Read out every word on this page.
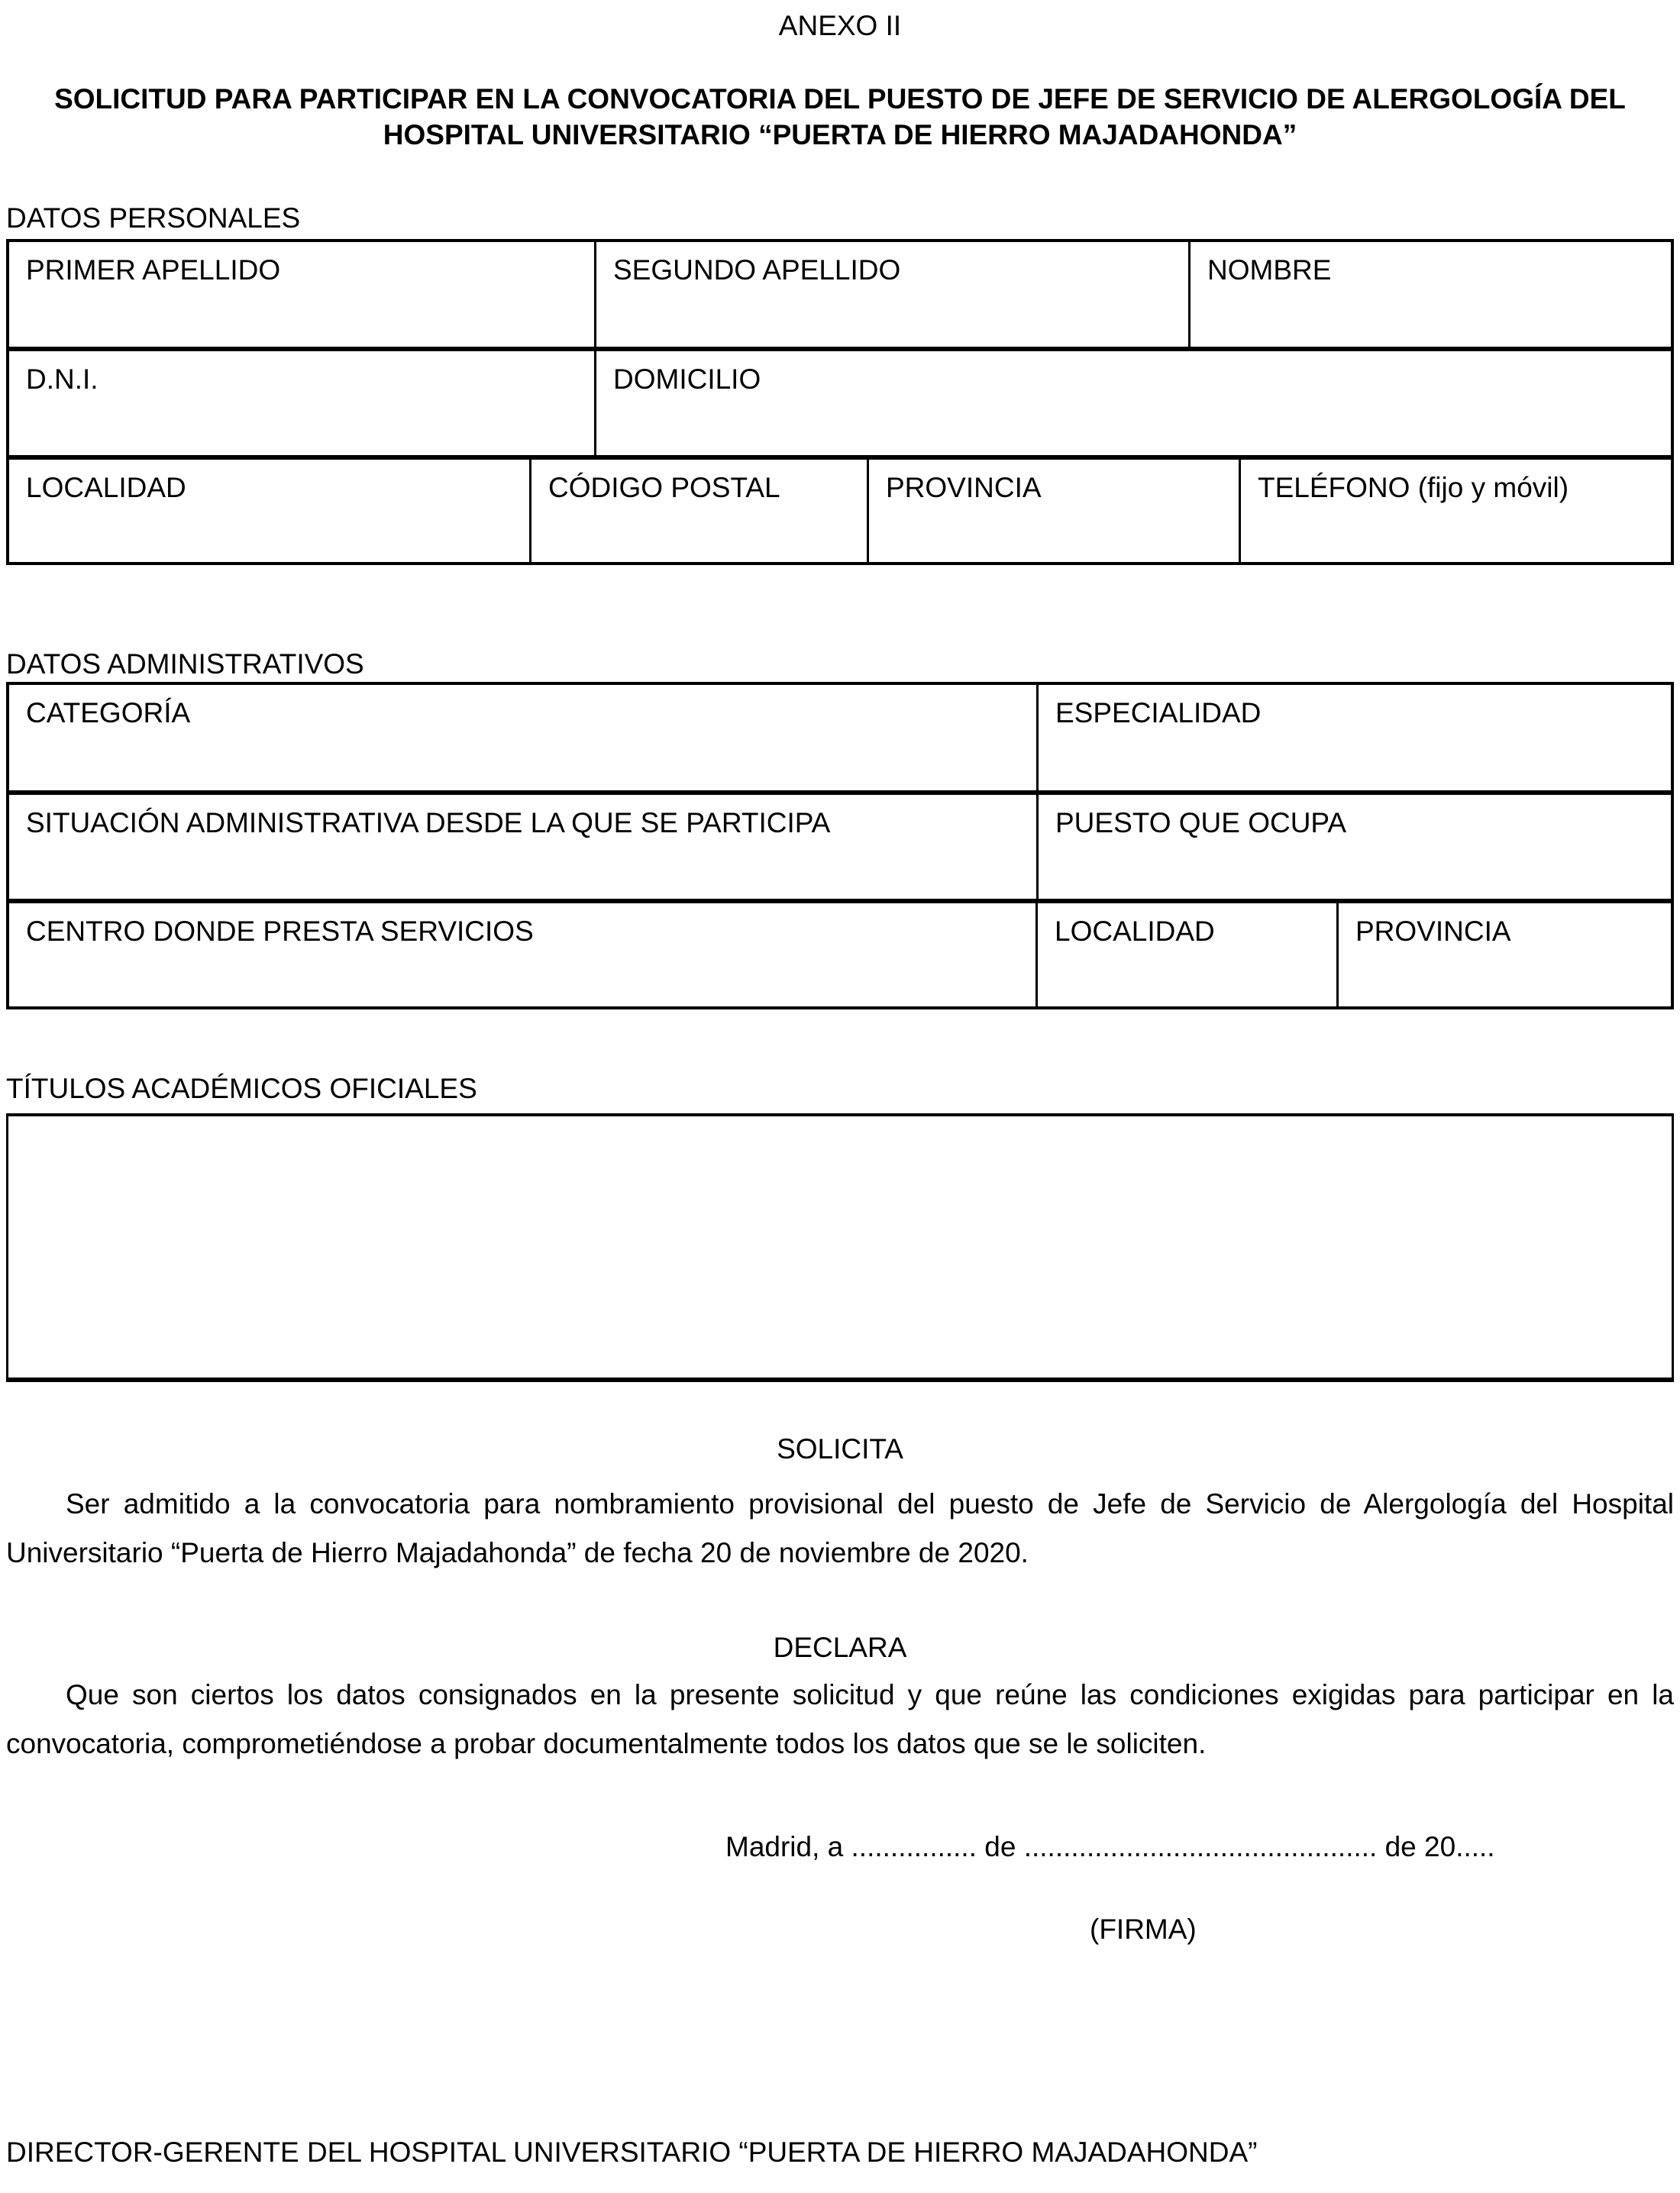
ANEXO II
SOLICITUD PARA PARTICIPAR EN LA CONVOCATORIA DEL PUESTO DE JEFE DE SERVICIO DE ALERGOLOGÍA DEL HOSPITAL UNIVERSITARIO “PUERTA DE HIERRO MAJADAHONDA”
DATOS PERSONALES
PRIMER APELLIDO	SEGUNDO APELLIDO	NOMBRE
D.N.I.	DOMICILIO
LOCALIDAD	CÓDIGO POSTAL	PROVINCIA	TELÉFONO (fijo y móvil)
DATOS ADMINISTRATIVOS
CATEGORÍA	ESPECIALIDAD
SITUACIÓN ADMINISTRATIVA DESDE LA QUE SE PARTICIPA	PUESTO QUE OCUPA
CENTRO DONDE PRESTA SERVICIOS	LOCALIDAD	PROVINCIA
TÍTULOS ACADÉMICOS OFICIALES
SOLICITA
Ser admitido a la convocatoria para nombramiento provisional del puesto de Jefe de Servicio de Alergología del Hospital Universitario “Puerta de Hierro Majadahonda” de fecha 20 de noviembre de 2020.
DECLARA
Que son ciertos los datos consignados en la presente solicitud y que reúne las condiciones exigidas para participar en la convocatoria, comprometiéndose a probar documentalmente todos los datos que se le soliciten.
Madrid, a ................ de ............................................. de 20.....
(FIRMA)
DIRECTOR-GERENTE DEL HOSPITAL UNIVERSITARIO “PUERTA DE HIERRO MAJADAHONDA”
